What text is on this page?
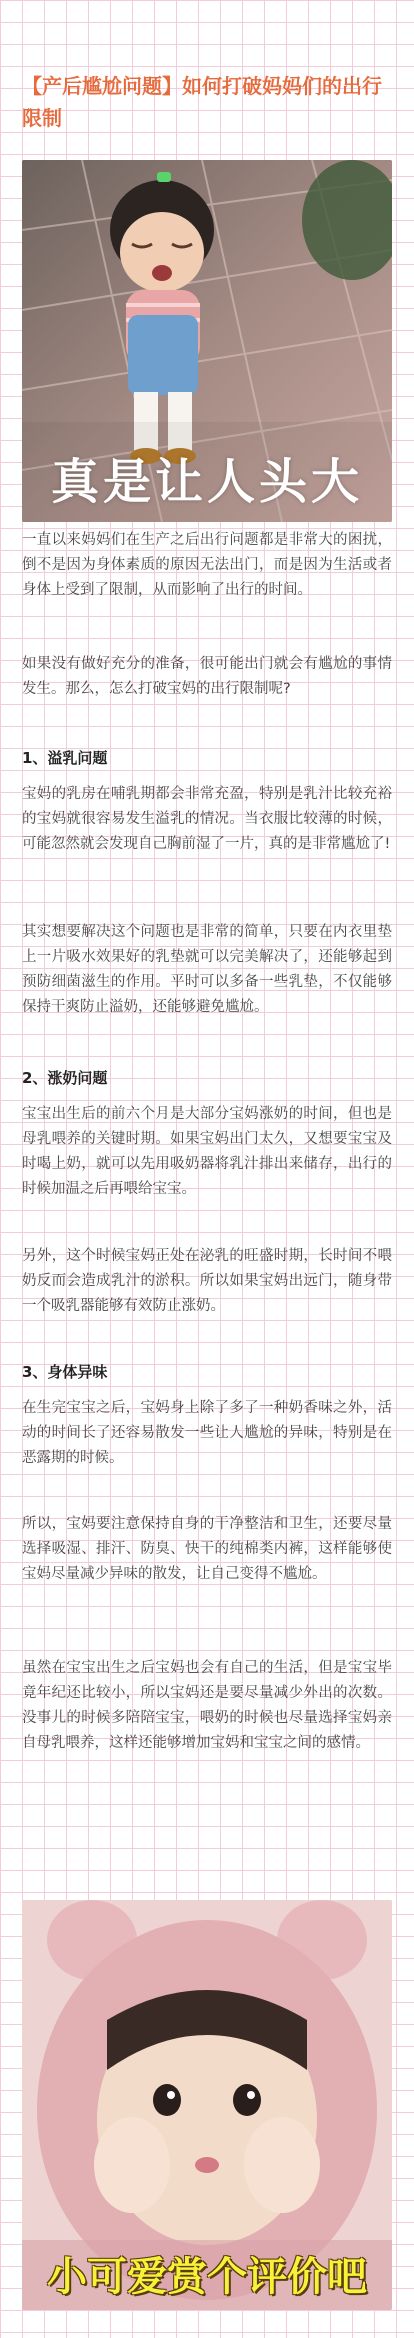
【产后尴尬问题】如何打破妈妈们的出行限制
真是让人头大

一直以来妈妈们在生产之后出行问题都是非常大的困扰，倒不是因为身体素质的原因无法出门，而是因为生活或者身体上受到了限制，从而影响了出行的时间。

如果没有做好充分的准备，很可能出门就会有尴尬的事情发生。那么，怎么打破宝妈的出行限制呢?

1、溢乳问题

宝妈的乳房在哺乳期都会非常充盈，特别是乳汁比较充裕的宝妈就很容易发生溢乳的情况。当衣服比较薄的时候，可能忽然就会发现自己胸前湿了一片，真的是非常尴尬了!

其实想要解决这个问题也是非常的简单，只要在内衣里垫上一片吸水效果好的乳垫就可以完美解决了，还能够起到预防细菌滋生的作用。平时可以多备一些乳垫，不仅能够保持干爽防止溢奶，还能够避免尴尬。

2、涨奶问题

宝宝出生后的前六个月是大部分宝妈涨奶的时间，但也是母乳喂养的关键时期。如果宝妈出门太久，又想要宝宝及时喝上奶，就可以先用吸奶器将乳汁排出来储存，出行的时候加温之后再喂给宝宝。

另外，这个时候宝妈正处在泌乳的旺盛时期，长时间不喂奶反而会造成乳汁的淤积。所以如果宝妈出远门，随身带一个吸乳器能够有效防止涨奶。

3、身体异味

在生完宝宝之后，宝妈身上除了多了一种奶香味之外，活动的时间长了还容易散发一些让人尴尬的异味，特别是在恶露期的时候。

所以，宝妈要注意保持自身的干净整洁和卫生，还要尽量选择吸湿、排汗、防臭、快干的纯棉类内裤，这样能够使宝妈尽量减少异味的散发，让自己变得不尴尬。

虽然在宝宝出生之后宝妈也会有自己的生活，但是宝宝毕竟年纪还比较小，所以宝妈还是要尽量减少外出的次数。没事儿的时候多陪陪宝宝，喂奶的时候也尽量选择宝妈亲自母乳喂养，这样还能够增加宝妈和宝宝之间的感情。

小可爱赏个评价吧
